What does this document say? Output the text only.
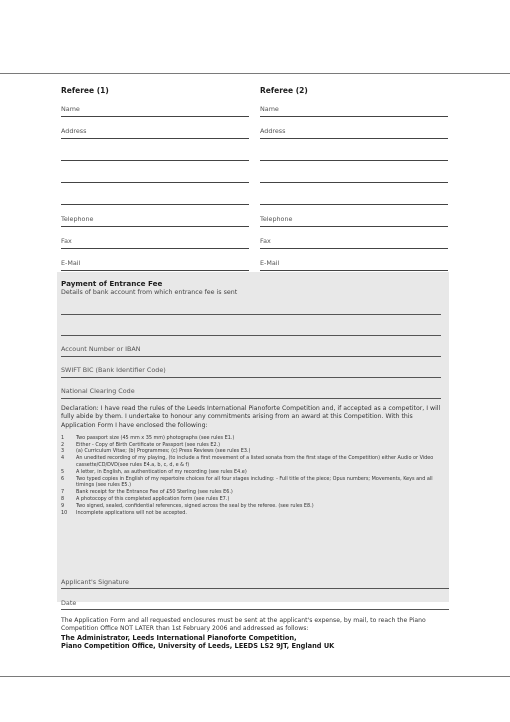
Referee (1)
Name
Address
Telephone
Fax
E-Mail
Referee (2)
Name
Address
Telephone
Fax
E-Mail
Payment of Entrance Fee
Details of bank account from which entrance fee is sent
Account Number or IBAN
SWIFT BIC (Bank Identifier Code)
National Clearing Code
Declaration: I have read the rules of the Leeds International Pianoforte Competition and, if accepted as a competitor, I will fully abide by them. I undertake to honour any commitments arising from an award at this Competition. With this Application Form I have enclosed the following:
1	Two passport size (45 mm x 35 mm) photographs (see rules E1.)
2	Either - Copy of Birth Certificate or Passport (see rules E2.)
3	(a) Curriculum Vitae; (b) Programmes; (c) Press Reviews (see rules E3.)
4	An unedited recording of my playing, (to include a first movement of a listed sonata from the first stage of the Competition) either Audio or Video cassette/CD/DVD(see rules E4.a, b, c, d, e & f)
5	A letter, in English, as authentication of my recording (see rules E4.e)
6	Two typed copies in English of my repertoire choices for all four stages including: - Full title of the piece; Opus numbers; Movements, Keys and all timings (see rules E5.)
7	Bank receipt for the Entrance Fee of £50 Sterling (see rules E6.)
8	A photocopy of this completed application form (see rules E7.)
9	Two signed, sealed, confidential references, signed across the seal by the referee. (see rules E8.)
10	Incomplete applications will not be accepted.
Applicant's Signature
Date
The Application Form and all requested enclosures must be sent at the applicant's expense, by mail, to reach the Piano Competition Office NOT LATER than 1st February 2006 and addressed as follows:
The Administrator, Leeds International Pianoforte Competition,
Piano Competition Office, University of Leeds, LEEDS LS2 9JT, England UK
